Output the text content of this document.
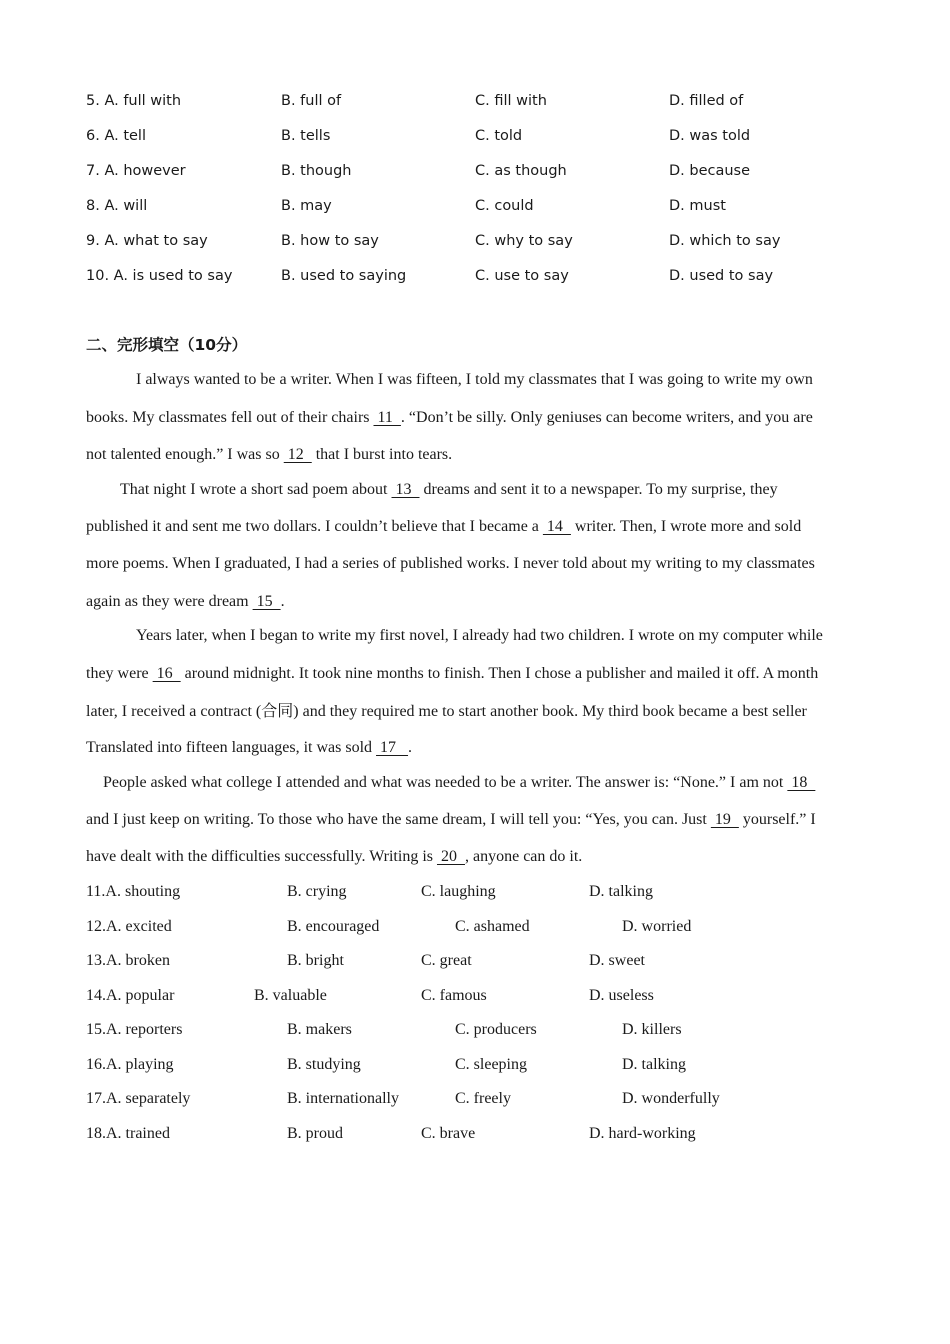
5. A. full with	B. full of	C. fill with	D. filled of
6. A. tell	B. tells	C. told	D. was told
7. A. however	B. though	C. as though	D. because
8. A. will	B. may	C. could	D. must
9. A. what to say	B. how to say	C. why to say	D. which to say
10. A. is used to say	B. used to saying	C. use to say	D. used to say
二、完形填空（10分）
I always wanted to be a writer. When I was fifteen, I told my classmates that I was going to write my own
books. My classmates fell out of their chairs  11  . “Don’t be silly. Only geniuses can become writers, and you are
not talented enough.” I was so  12   that I burst into tears.
That night I wrote a short sad poem about  13   dreams and sent it to a newspaper. To my surprise, they
published it and sent me two dollars. I couldn’t believe that I became a  14   writer. Then, I wrote more and sold
more poems. When I graduated, I had a series of published works. I never told about my writing to my classmates
again as they were dream  15  .
Years later, when I began to write my first novel, I already had two children. I wrote on my computer while
they were  16   around midnight. It took nine months to finish. Then I chose a publisher and mailed it off. A month
later, I received a contract (合同) and they required me to start another book. My third book became a best seller
Translated into fifteen languages, it was sold  17   .
People asked what college I attended and what was needed to be a writer. The answer is: “None.” I am not  18
and I just keep on writing. To those who have the same dream, I will tell you: “Yes, you can. Just  19   yourself.” I
have dealt with the difficulties successfully. Writing is  20  , anyone can do it.
11.A. shouting	B. crying	C. laughing	D. talking
12.A. excited	B. encouraged	C. ashamed	D. worried
13.A. broken	B. bright	C. great	D. sweet
14.A. popular	B. valuable	C. famous	D. useless
15.A. reporters	B. makers	C. producers	D. killers
16.A. playing	B. studying	C. sleeping	D. talking
17.A. separately	B. internationally	C. freely	D. wonderfully
18.A. trained	B. proud	C. brave	D. hard-working
